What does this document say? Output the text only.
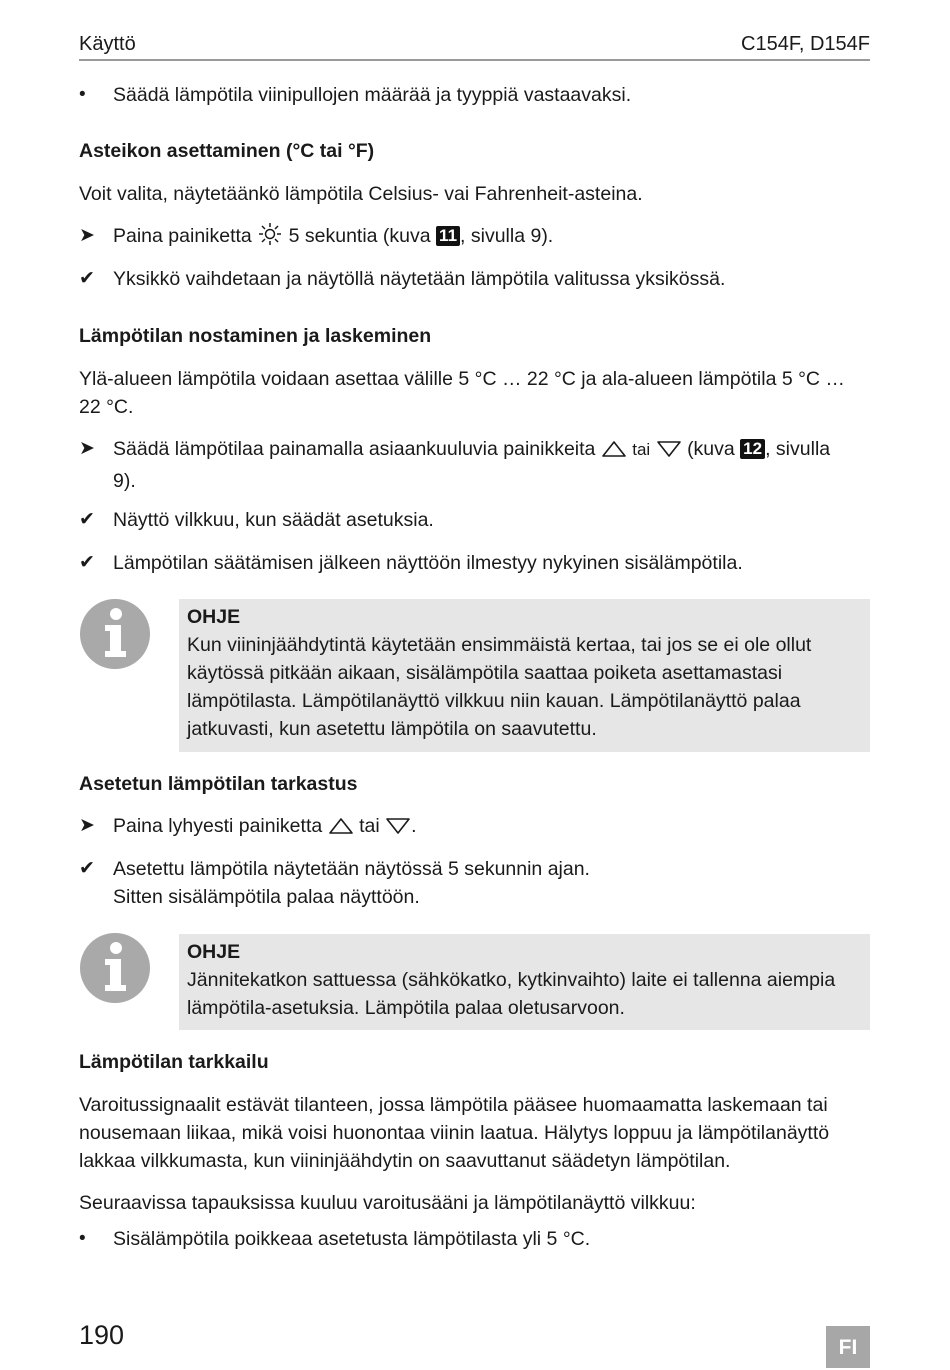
Käyttö	C154F, D154F
•	Säädä lämpötila viinipullojen määrää ja tyyppiä vastaavaksi.
Asteikon asettaminen (°C tai °F)
Voit valita, näytetäänkö lämpötila Celsius- vai Fahrenheit-asteina.
➤ Paina painiketta 5 sekuntia (kuva 11 , sivulla 9).
✔ Yksikkö vaihdetaan ja näytöllä näytetään lämpötila valitussa yksikössä.
Lämpötilan nostaminen ja laskeminen
Ylä-alueen lämpötila voidaan asettaa välille 5 °C … 22 °C ja ala-alueen lämpötila 5 °C … 22 °C.
➤ Säädä lämpötilaa painamalla asiaankuuluvia painikkeita tai (kuva 12 , sivulla 9).
✔ Näyttö vilkkuu, kun säädät asetuksia.
✔ Lämpötilan säätämisen jälkeen näyttöön ilmestyy nykyinen sisälämpötila.
OHJE
Kun viininjäähdytintä käytetään ensimmäistä kertaa, tai jos se ei ole ollut käytössä pitkään aikaan, sisälämpötila saattaa poiketa asettamastasi lämpötilasta. Lämpötilanäyttö vilkkuu niin kauan. Lämpötilanäyttö palaa jatkuvasti, kun asetettu lämpötila on saavutettu.
Asetetun lämpötilan tarkastus
➤ Paina lyhyesti painiketta tai .
✔ Asetettu lämpötila näytetään näytössä 5 sekunnin ajan.
Sitten sisälämpötila palaa näyttöön.
OHJE
Jännitekatkon sattuessa (sähkökatko, kytkinvaihto) laite ei tallenna aiempia lämpötila-asetuksia. Lämpötila palaa oletusarvoon.
Lämpötilan tarkkailu
Varoitussignaalit estävät tilanteen, jossa lämpötila pääsee huomaamatta laskemaan tai nousemaan liikaa, mikä voisi huonontaa viinin laatua. Hälytys loppuu ja lämpötilanäyttö lakkaa vilkkumasta, kun viininjäähdytin on saavuttanut säädetyn lämpötilan.
Seuraavissa tapauksissa kuuluu varoitusääni ja lämpötilanäyttö vilkkuu:
•	Sisälämpötila poikkeaa asetetusta lämpötilasta yli 5 °C.
190	FI
